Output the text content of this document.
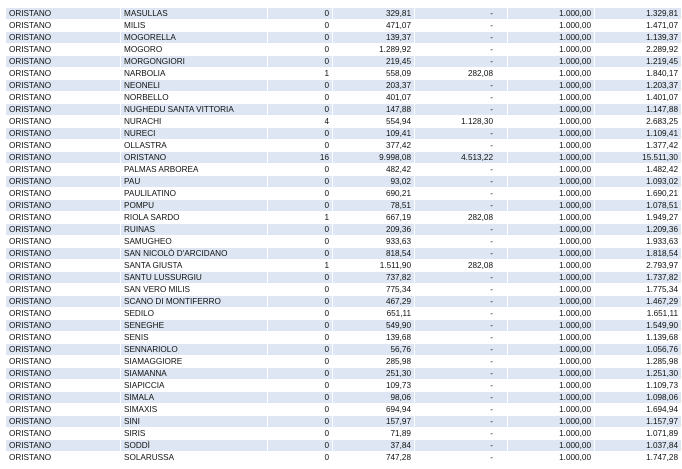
ORISTANO	MASULLAS	0	329,81	-	1.000,00	1.329,81
ORISTANO	MILIS	0	471,07	-	1.000,00	1.471,07
ORISTANO	MOGORELLA	0	139,37	-	1.000,00	1.139,37
ORISTANO	MOGORO	0	1.289,92	-	1.000,00	2.289,92
ORISTANO	MORGONGIORI	0	219,45	-	1.000,00	1.219,45
ORISTANO	NARBOLIA	1	558,09	282,08	1.000,00	1.840,17
ORISTANO	NEONELI	0	203,37	-	1.000,00	1.203,37
ORISTANO	NORBELLO	0	401,07	-	1.000,00	1.401,07
ORISTANO	NUGHEDU SANTA VITTORIA	0	147,88	-	1.000,00	1.147,88
ORISTANO	NURACHI	4	554,94	1.128,30	1.000,00	2.683,25
ORISTANO	NURECI	0	109,41	-	1.000,00	1.109,41
ORISTANO	OLLASTRA	0	377,42	-	1.000,00	1.377,42
ORISTANO	ORISTANO	16	9.998,08	4.513,22	1.000,00	15.511,30
ORISTANO	PALMAS ARBOREA	0	482,42	-	1.000,00	1.482,42
ORISTANO	PAU	0	93,02	-	1.000,00	1.093,02
ORISTANO	PAULILATINO	0	690,21	-	1.000,00	1.690,21
ORISTANO	POMPU	0	78,51	-	1.000,00	1.078,51
ORISTANO	RIOLA SARDO	1	667,19	282,08	1.000,00	1.949,27
ORISTANO	RUINAS	0	209,36	-	1.000,00	1.209,36
ORISTANO	SAMUGHEO	0	933,63	-	1.000,00	1.933,63
ORISTANO	SAN NICOLÒ D'ARCIDANO	0	818,54	-	1.000,00	1.818,54
ORISTANO	SANTA GIUSTA	1	1.511,90	282,08	1.000,00	2.793,97
ORISTANO	SANTU LUSSURGIU	0	737,82	-	1.000,00	1.737,82
ORISTANO	SAN VERO MILIS	0	775,34	-	1.000,00	1.775,34
ORISTANO	SCANO DI MONTIFERRO	0	467,29	-	1.000,00	1.467,29
ORISTANO	SEDILO	0	651,11	-	1.000,00	1.651,11
ORISTANO	SENEGHE	0	549,90	-	1.000,00	1.549,90
ORISTANO	SENIS	0	139,68	-	1.000,00	1.139,68
ORISTANO	SENNARIOLO	0	56,76	-	1.000,00	1.056,76
ORISTANO	SIAMAGGIORE	0	285,98	-	1.000,00	1.285,98
ORISTANO	SIAMANNA	0	251,30	-	1.000,00	1.251,30
ORISTANO	SIAPICCIA	0	109,73	-	1.000,00	1.109,73
ORISTANO	SIMALA	0	98,06	-	1.000,00	1.098,06
ORISTANO	SIMAXIS	0	694,94	-	1.000,00	1.694,94
ORISTANO	SINI	0	157,97	-	1.000,00	1.157,97
ORISTANO	SIRIS	0	71,89	-	1.000,00	1.071,89
ORISTANO	SODDÌ	0	37,84	-	1.000,00	1.037,84
ORISTANO	SOLARUSSA	0	747,28	-	1.000,00	1.747,28
